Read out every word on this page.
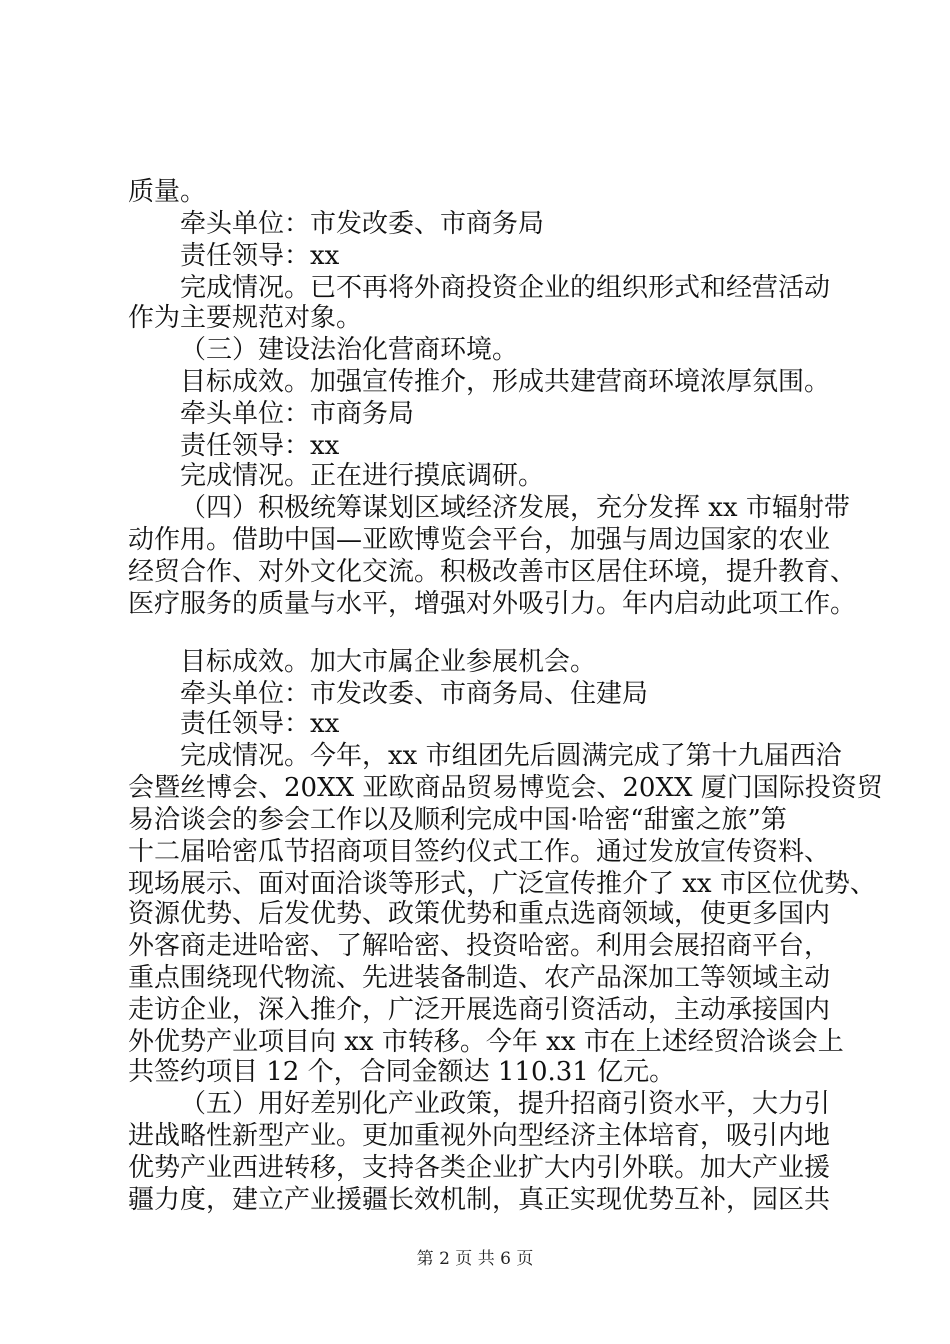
质量。
牵头单位：市发改委、市商务局
责任领导：xx
完成情况。已不再将外商投资企业的组织形式和经营活动
作为主要规范对象。
（三）建设法治化营商环境。
目标成效。加强宣传推介，形成共建营商环境浓厚氛围。
牵头单位：市商务局
责任领导：xx
完成情况。正在进行摸底调研。
（四）积极统筹谋划区域经济发展，充分发挥 xx 市辐射带
动作用。借助中国—亚欧博览会平台，加强与周边国家的农业
经贸合作、对外文化交流。积极改善市区居住环境，提升教育、
医疗服务的质量与水平，增强对外吸引力。年内启动此项工作。
目标成效。加大市属企业参展机会。
牵头单位：市发改委、市商务局、住建局
责任领导：xx
完成情况。今年，xx 市组团先后圆满完成了第十九届西洽
会暨丝博会、20XX 亚欧商品贸易博览会、20XX 厦门国际投资贸
易洽谈会的参会工作以及顺利完成中国·哈密“甜蜜之旅”第
十二届哈密瓜节招商项目签约仪式工作。通过发放宣传资料、
现场展示、面对面洽谈等形式，广泛宣传推介了 xx 市区位优势、
资源优势、后发优势、政策优势和重点选商领域，使更多国内
外客商走进哈密、了解哈密、投资哈密。利用会展招商平台，
重点围绕现代物流、先进装备制造、农产品深加工等领域主动
走访企业，深入推介，广泛开展选商引资活动，主动承接国内
外优势产业项目向 xx 市转移。今年 xx 市在上述经贸洽谈会上
共签约项目 12 个，合同金额达 110.31 亿元。
（五）用好差别化产业政策，提升招商引资水平，大力引
进战略性新型产业。更加重视外向型经济主体培育，吸引内地
优势产业西进转移，支持各类企业扩大内引外联。加大产业援
疆力度，建立产业援疆长效机制，真正实现优势互补，园区共
第 2 页 共 6 页
